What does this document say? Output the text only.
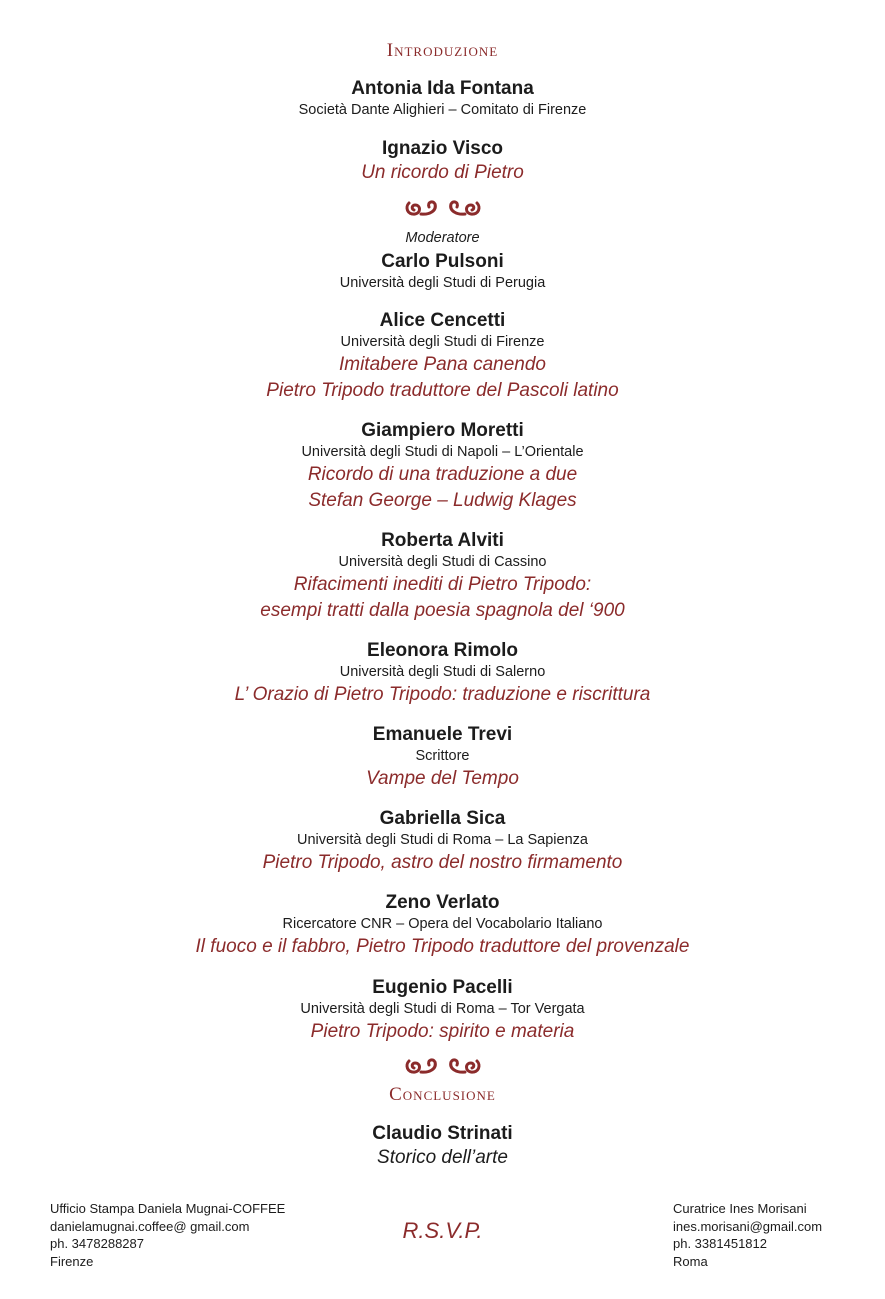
Introduzione

Antonia Ida Fontana

Società Dante Alighieri – Comitato di Firenze

Ignazio Visco

Un ricordo di Pietro

Moderatore

Carlo Pulsoni

Università degli Studi di Perugia

Alice Cencetti

Università degli Studi di Firenze

Imitabere Pana canendo

Pietro Tripodo traduttore del Pascoli latino

Giampiero Moretti

Università degli Studi di Napoli – L’Orientale

Ricordo di una traduzione a due

Stefan George – Ludwig Klages

Roberta Alviti

Università degli Studi di Cassino

Rifacimenti inediti di Pietro Tripodo:

esempi tratti dalla poesia spagnola del ‘900

Eleonora Rimolo

Università degli Studi di Salerno

L’ Orazio di Pietro Tripodo: traduzione e riscrittura

Emanuele Trevi

Scrittore

Vampe del Tempo

Gabriella Sica

Università degli Studi di Roma – La Sapienza

Pietro Tripodo, astro del nostro firmamento

Zeno Verlato

Ricercatore CNR – Opera del Vocabolario Italiano

Il fuoco e il fabbro, Pietro Tripodo traduttore del provenzale

Eugenio Pacelli

Università degli Studi di Roma – Tor Vergata

Pietro Tripodo: spirito e materia

Conclusione

Claudio Strinati

Storico dell’arte

Ufficio Stampa Daniela Mugnai-COFFEE
danielamugnai.coffee@ gmail.com
ph. 3478288287
Firenze
R.S.V.P.
Curatrice Ines Morisani
ines.morisani@gmail.com
ph. 3381451812
Roma
